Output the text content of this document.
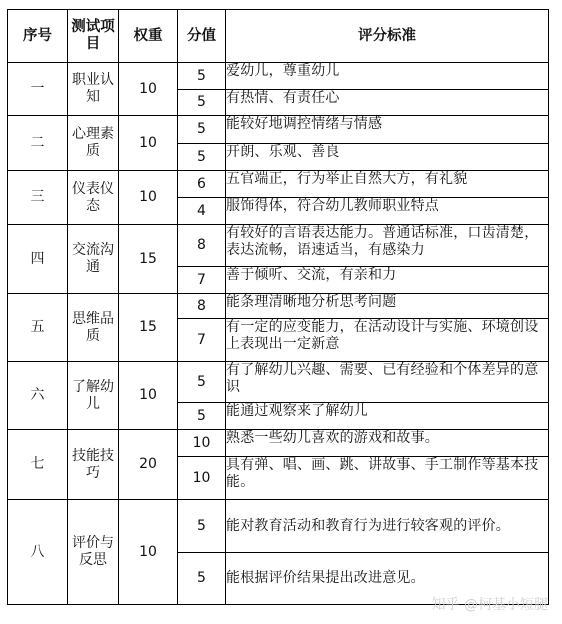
序号	测试项目	权重	分值	评分标准
一	职业认知	10	5	爱幼儿，尊重幼儿
			5	有热情、有责任心
二	心理素质	10	5	能较好地调控情绪与情感
			5	开朗、乐观、善良
三	仪表仪态	10	6	五官端正，行为举止自然大方，有礼貌
			4	服饰得体，符合幼儿教师职业特点
四	交流沟通	15	8	有较好的言语表达能力。普通话标准，口齿清楚，表达流畅，语速适当，有感染力
			7	善于倾听、交流，有亲和力
五	思维品质	15	8	能条理清晰地分析思考问题
			7	有一定的应变能力，在活动设计与实施、环境创设上表现出一定新意
六	了解幼儿	10	5	有了解幼儿兴趣、需要、已有经验和个体差异的意识
			5	能通过观察来了解幼儿
七	技能技巧	20	10	熟悉一些幼儿喜欢的游戏和故事。
			10	具有弹、唱、画、跳、讲故事、手工制作等基本技能。
八	评价与反思	10	5	能对教育活动和教育行为进行较客观的评价。
			5	能根据评价结果提出改进意见。
知乎 @柯基小短腿
